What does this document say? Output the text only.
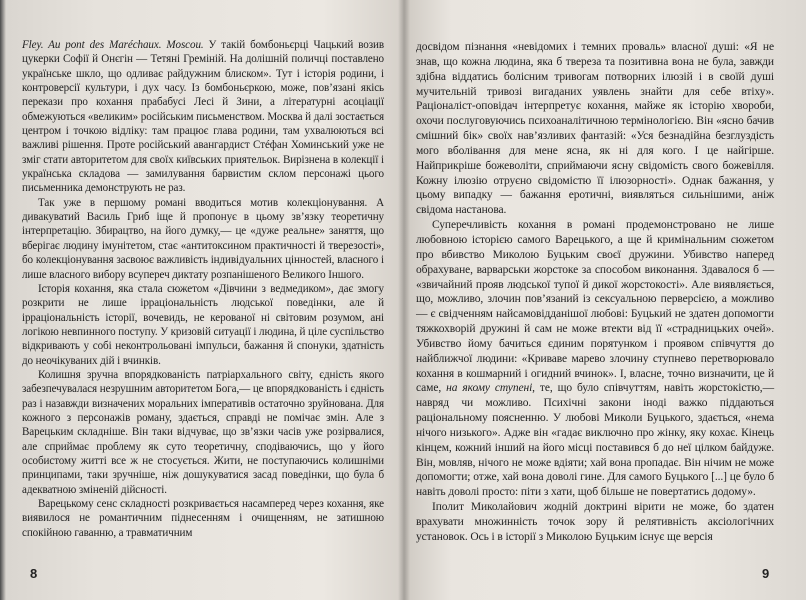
Fley. Au pont des Maréchaux. Moscou. У такій бомбоньєрці Чацький возив цукерки Софії й Онєгін — Тетяні Греміній. На долішній поличці поставлено українське шкло, що одливає райдужним блиском». Тут і історія родини, і контроверсії культури, і дух часу. Із бомбоньєркою, може, пов’язані якісь перекази про кохання прабабусі Лесі й Зини, а літературні асоціації обмежуються «великим» російським письменством. Москва й далі зостається центром і точкою відліку: там працює глава родини, там ухвалюються всі важливі рішення. Проте російський авангардист Стéфан Хоминський уже не зміг стати авторитетом для своїх київських приятельок. Вирізнена в колекції і українська складова — замилування барвистим склом персонажі цього письменника демонструють не раз.

Так уже в першому романі вводиться мотив колекціонування. А дивакуватий Василь Гриб іще й пропонує в цьому зв’язку теоретичну інтерпретацію. Збирацтво, на його думку,— це «дуже реальне» заняття, що вберігає людину імунітетом, стає «антитоксином практичності й тверезості», бо колекціонування засвоює важливість індивідуальних цінностей, власного і лише власного вибору всупереч диктату розпанішеного Великого Іншого.

Історія кохання, яка стала сюжетом «Дівчини з ведмедиком», дає змогу розкрити не лише ірраціональність людської поведінки, але й ірраціональність історії, вочевидь, не керованої ні світовим розумом, ані логікою невпинного поступу. У кризовій ситуації і людина, й ціле суспільство відкривають у собі неконтрольовані імпульси, бажання й спонуки, здатність до неочікуваних дій і вчинків.

Колишня зручна впорядкованість патріархального світу, єдність якого забезпечувалася незрушним авторитетом Бога,— це впорядкованість і єдність раз і назавжди визначених моральних імперативів остаточно зруйнована. Для кожного з персонажів роману, здається, справді не помічає змін. Але з Варецьким складніше. Він таки відчуває, що зв’язки часів уже розірвалися, але сприймає проблему як суто теоретичну, сподіваючись, що у його особистому житті все ж не стосується. Жити, не поступаючись колишніми принципами, таки зручніше, ніж дошукуватися засад поведінки, що була б адекватною зміненій дійсності.

Варецькому сенс складності розкривається насамперед через кохання, яке виявилося не романтичним піднесенням і очищенням, не затишною спокійною гаванню, а травматичним

досвідом пізнання «невідомих і темних проваль» власної душі: «Я не знав, що кожна людина, яка б твереза та позитивна вона не була, завжди здібна віддатись болісним тривогам потворних ілюзій і в своїй душі мучительній тривозі вигаданих уявлень знайти для себе втіху». Раціоналіст-оповідач інтерпретує кохання, майже як історію хвороби, охочи послуговуючись психоаналітичною термінологією. Він «ясно бачив смішний бік» своїх нав’язливих фантазій: «Уся безнадійна безглуздість мого вболівання для мене ясна, як ні для кого. І це найгірше. Найприкріше божеволіти, сприймаючи ясну свідомість свого божевілля. Кожну ілюзію отруєно свідомістю її ілюзорності». Однак бажання, у цьому випадку — бажання еротичні, виявляться сильнішими, аніж свідома настанова.

Суперечливість кохання в романі продемонстровано не лише любовною історією самого Варецького, а ще й кримінальним сюжетом про вбивство Миколою Буцьким своєї дружини. Убивство наперед обрахуване, варварськи жорстоке за способом виконання. Здавалося б — «звичайний прояв людської тупої й дикої жорстокості». Але виявляється, що, можливо, злочин пов’язаний із сексуальною перверсією, а можливо — є свідченням найсамовідданішої любові: Буцький не здатен допомогти тяжкохворій дружині й сам не може втекти від її «страдницьких очей». Убивство йому бачиться єдиним порятунком і проявом співчуття до найближчої людини: «Криваве марево злочину ступнево перетворювало кохання в кошмарний і огидний вчинок». І, власне, точно визначити, це й саме, на якому ступені, те, що було співчуттям, навіть жорстокістю,— навряд чи можливо. Психічні закони іноді важко піддаються раціональному поясненню. У любові Миколи Буцького, здається, «нема нічого низького». Адже він «гадає виключно про жінку, яку кохає. Кінець кінцем, кожний інший на його місці поставився б до неї цілком байдуже. Він, мовляв, нічого не може вдіяти; хай вона пропадає. Він нічим не може допомогти; отже, хай вона доволі гине. Для самого Буцького [...] це було б навіть доволі просто: піти з хати, щоб більше не повертатись додому».

Іполит Миколайович жодній доктрині вірити не може, бо здатен врахувати множинність точок зору й релятивність аксіологічних установок. Ось і в історії з Миколою Буцьким існує ще версія

8	9
